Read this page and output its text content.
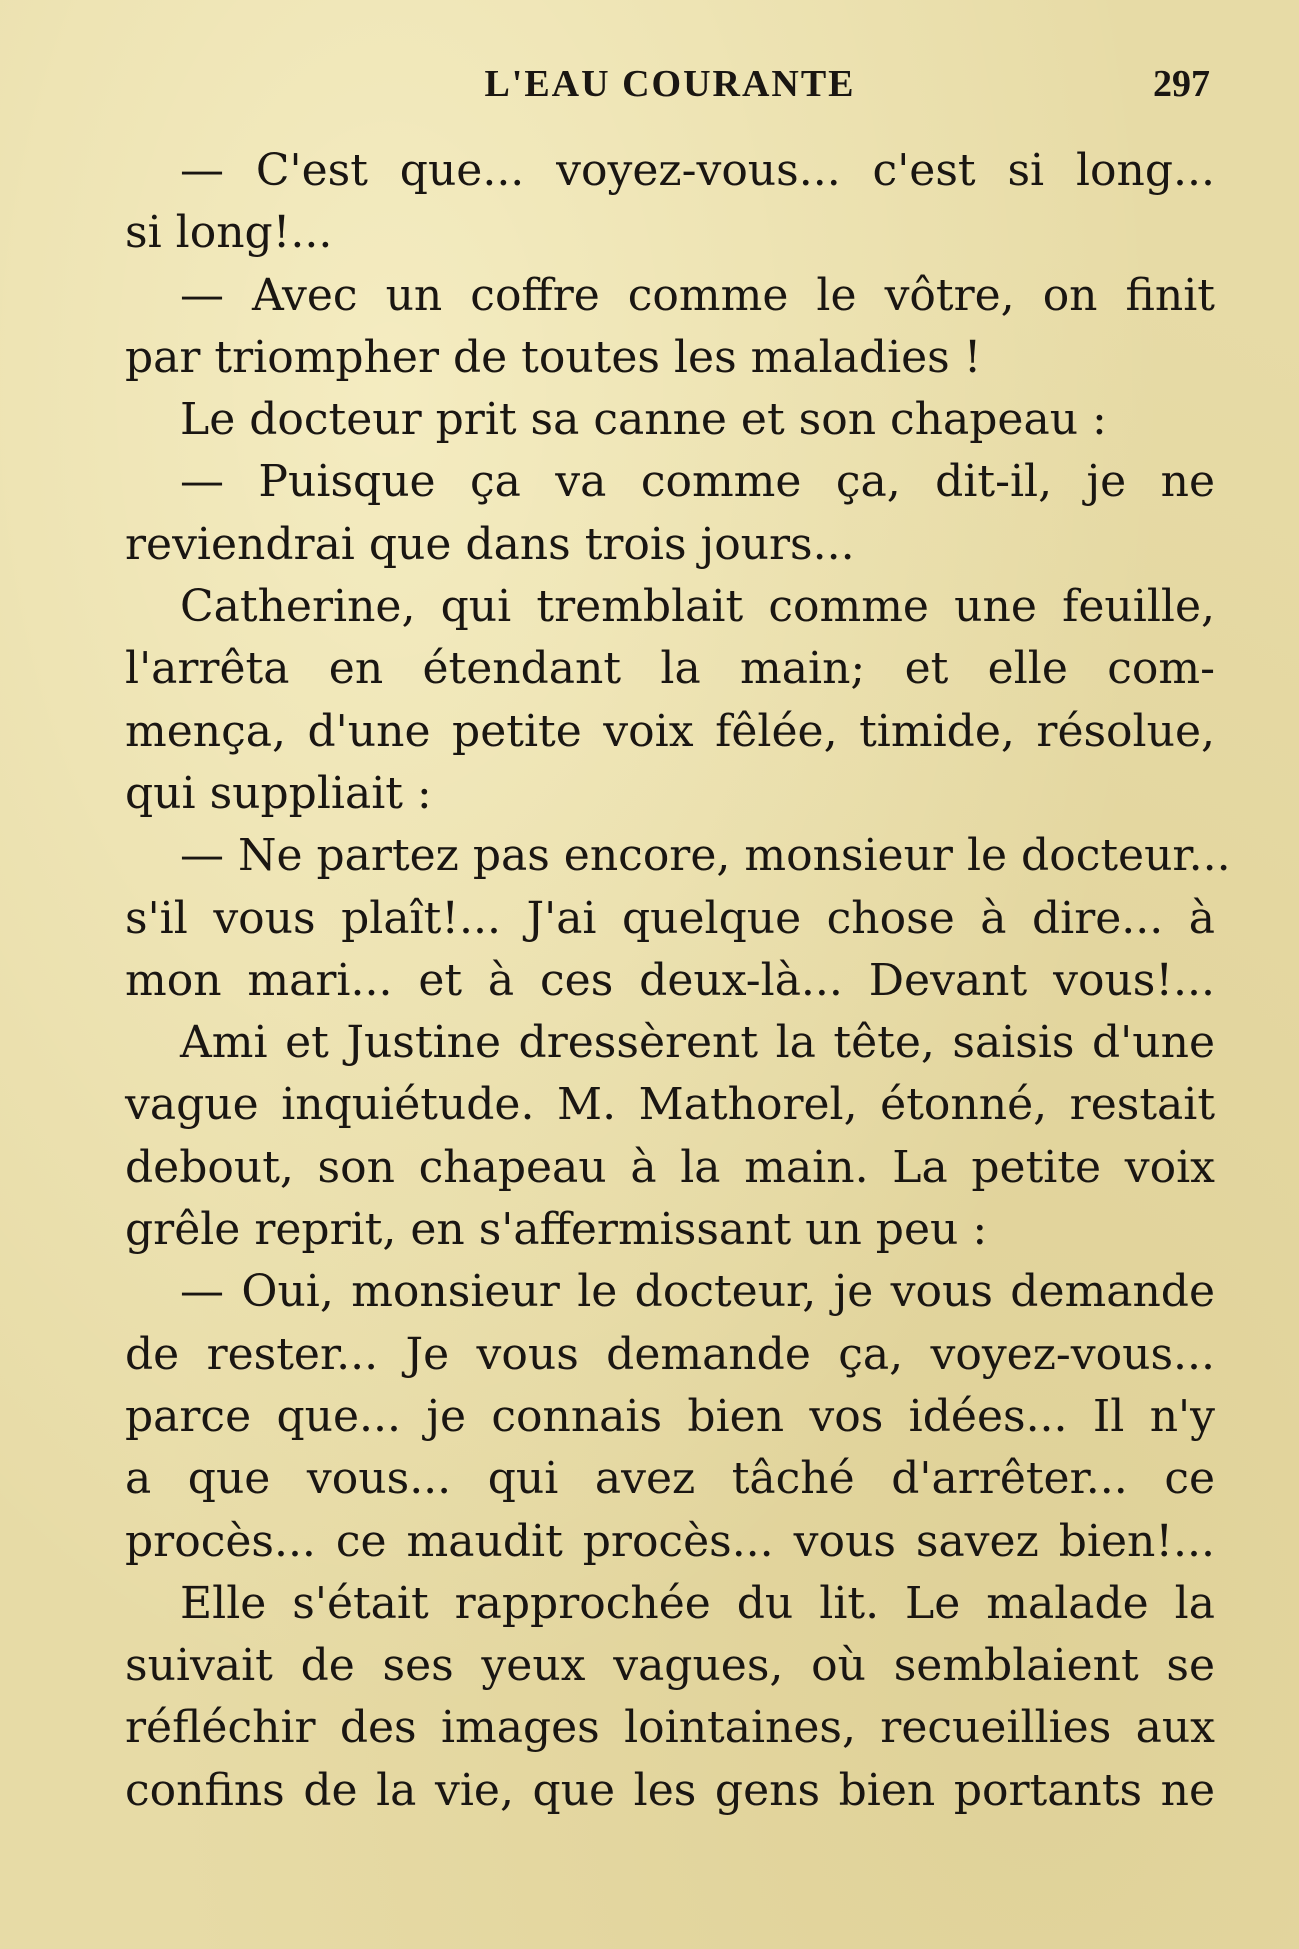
L'EAU COURANTE	297
— C'est que... voyez-vous... c'est si long...
si long!...
— Avec un coffre comme le vôtre, on finit
par triompher de toutes les maladies !
Le docteur prit sa canne et son chapeau :
— Puisque ça va comme ça, dit-il, je ne
reviendrai que dans trois jours...
Catherine, qui tremblait comme une feuille,
l'arrêta en étendant la main; et elle com-
mença, d'une petite voix fêlée, timide, résolue,
qui suppliait :
— Ne partez pas encore, monsieur le docteur...
s'il vous plaît!... J'ai quelque chose à dire... à
mon mari... et à ces deux-là... Devant vous!...
Ami et Justine dressèrent la tête, saisis d'une
vague inquiétude. M. Mathorel, étonné, restait
debout, son chapeau à la main. La petite voix
grêle reprit, en s'affermissant un peu :
— Oui, monsieur le docteur, je vous demande
de rester... Je vous demande ça, voyez-vous...
parce que... je connais bien vos idées... Il n'y
a que vous... qui avez tâché d'arrêter... ce
procès... ce maudit procès... vous savez bien!...
Elle s'était rapprochée du lit. Le malade la
suivait de ses yeux vagues, où semblaient se
réfléchir des images lointaines, recueillies aux
confins de la vie, que les gens bien portants ne
